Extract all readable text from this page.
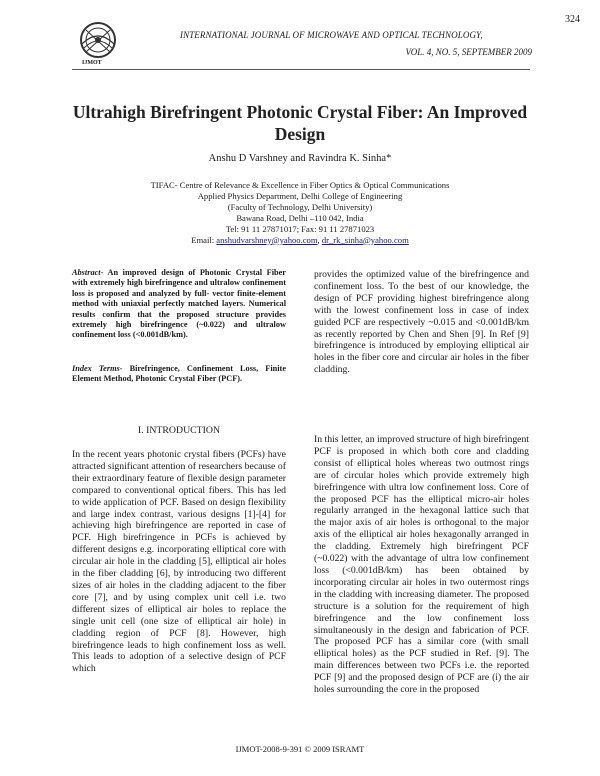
324
IJMOT
INTERNATIONAL JOURNAL OF MICROWAVE AND OPTICAL TECHNOLOGY,
VOL. 4, NO. 5, SEPTEMBER 2009
Ultrahigh Birefringent Photonic Crystal Fiber: An Improved Design
Anshu D Varshney and Ravindra K. Sinha*
TIFAC- Centre of Relevance & Excellence in Fiber Optics & Optical Communications
Applied Physics Department, Delhi College of Engineering
(Faculty of Technology, Delhi University)
Bawana Road, Delhi –110 042, India
Tel: 91 11 27871017; Fax: 91 11 27871023
Email: anshudvarshney@yahoo.com, dr_rk_sinha@yahoo.com

Abstract- An improved design of Photonic Crystal Fiber with extremely high birefringence and ultralow confinement loss is proposed and analyzed by full- vector finite-element method with uniaxial perfectly matched layers. Numerical results confirm that the proposed structure provides extremely high birefringence (~0.022) and ultralow confinement loss (<0.001dB/km).

Index Terms- Birefringence, Confinement Loss, Finite Element Method, Photonic Crystal Fiber (PCF).

I. INTRODUCTION

In the recent years photonic crystal fibers (PCFs) have attracted significant attention of researchers because of their extraordinary feature of flexible design parameter compared to conventional optical fibers. This has led to wide application of PCF. Based on design flexibility and large index contrast, various designs [1]-[4] for achieving high birefringence are reported in case of PCF. High birefringence in PCFs is achieved by different designs e.g. incorporating elliptical core with circular air hole in the cladding [5], elliptical air holes in the fiber cladding [6], by introducing two different sizes of air holes in the cladding adjacent to the fiber core [7], and by using complex unit cell i.e. two different sizes of elliptical air holes to replace the single unit cell (one size of elliptical air hole) in cladding region of PCF [8]. However, high birefringence leads to high confinement loss as well. This leads to adoption of a selective design of PCF which

provides the optimized value of the birefringence and confinement loss. To the best of our knowledge, the design of PCF providing highest birefringence along with the lowest confinement loss in case of index guided PCF are respectively ~0.015 and <0.001dB/km as recently reported by Chen and Shen [9]. In Ref [9] birefringence is introduced by employing elliptical air holes in the fiber core and circular air holes in the fiber cladding.

In this letter, an improved structure of high birefringent PCF is proposed in which both core and cladding consist of elliptical holes whereas two outmost rings are of circular holes which provide extremely high birefringence with ultra low confinement loss. Core of the proposed PCF has the elliptical micro-air holes regularly arranged in the hexagonal lattice such that the major axis of air holes is orthogonal to the major axis of the elliptical air holes hexagonally arranged in the cladding. Extremely high birefringent PCF (~0.022) with the advantage of ultra low confinement loss (<0.001dB/km) has been obtained by incorporating circular air holes in two outermost rings in the cladding with increasing diameter. The proposed structure is a solution for the requirement of high birefringence and the low confinement loss simultaneously in the design and fabrication of PCF. The proposed PCF has a similar core (with small elliptical holes) as the PCF studied in Ref. [9]. The main differences between two PCFs i.e. the reported PCF [9] and the proposed design of PCF are (i) the air holes surrounding the core in the proposed

IJMOT-2008-9-391 © 2009 ISRAMT
